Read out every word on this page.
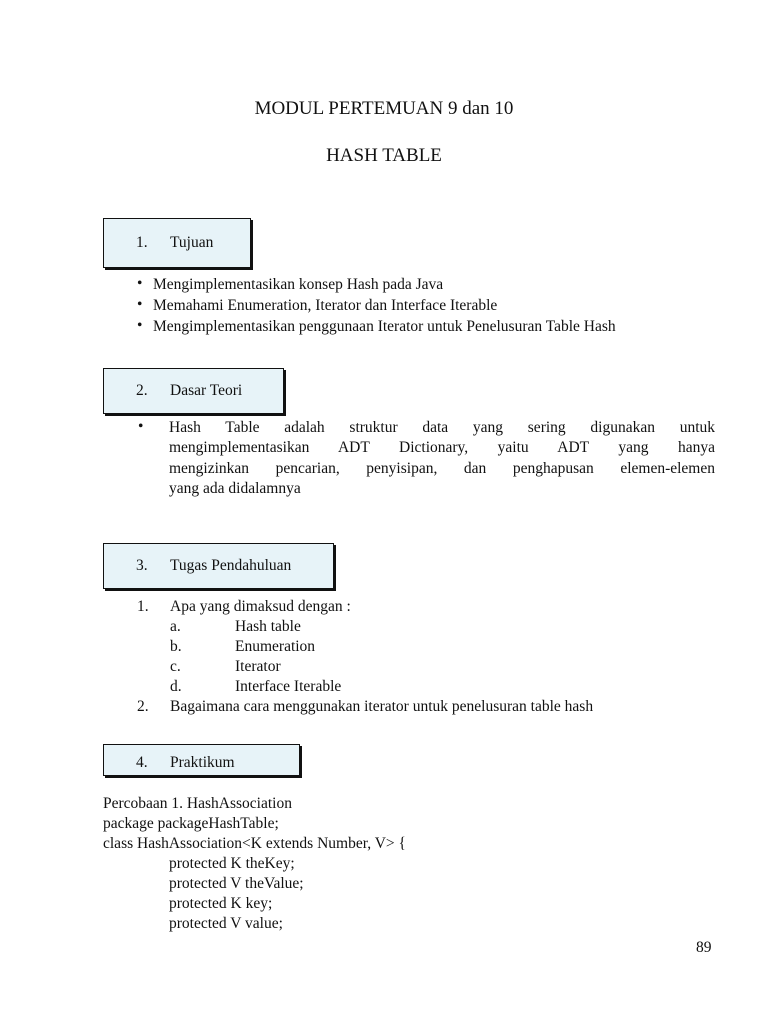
MODUL PERTEMUAN 9 dan 10
HASH TABLE
1. Tujuan
• Mengimplementasikan konsep Hash pada Java
• Memahami Enumeration, Iterator dan Interface Iterable
• Mengimplementasikan penggunaan Iterator untuk Penelusuran Table Hash
2. Dasar Teori
• Hash Table adalah struktur data yang sering digunakan untuk
mengimplementasikan ADT Dictionary, yaitu ADT yang hanya
mengizinkan pencarian, penyisipan, dan penghapusan elemen-elemen
yang ada didalamnya
3. Tugas Pendahuluan
1. Apa yang dimaksud dengan :
a.	Hash table
b.	Enumeration
c.	Iterator
d.	Interface Iterable
2. Bagaimana cara menggunakan iterator untuk penelusuran table hash
4. Praktikum
Percobaan 1. HashAssociation
package packageHashTable;
class HashAssociation<K extends Number, V> {
protected K theKey;
protected V theValue;
protected K key;
protected V value;
89
